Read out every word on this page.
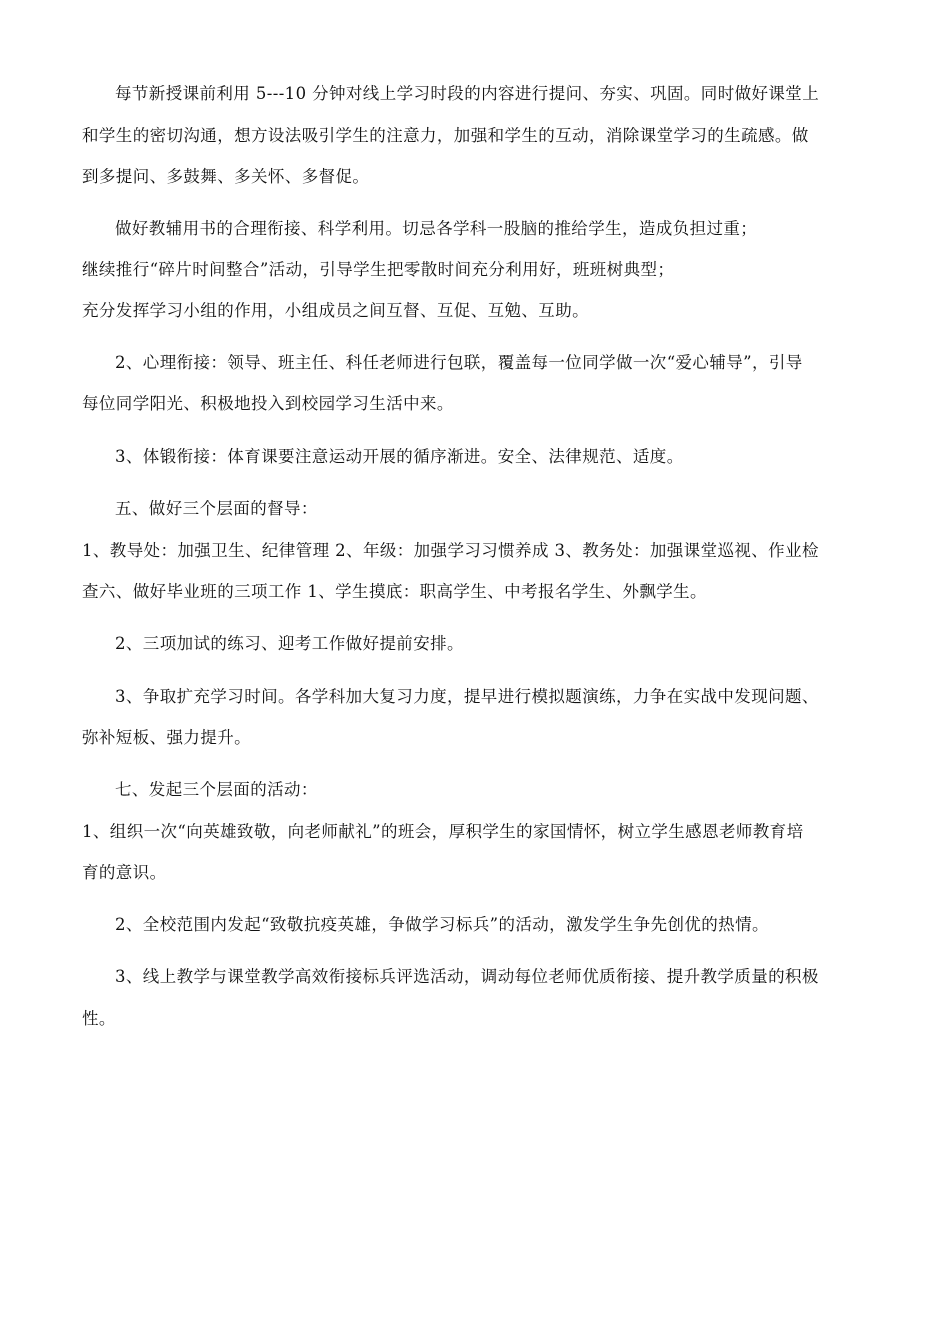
每节新授课前利用 5---10 分钟对线上学习时段的内容进行提问、夯实、巩固。同时做好课堂上
和学生的密切沟通，想方设法吸引学生的注意力，加强和学生的互动，消除课堂学习的生疏感。做
到多提问、多鼓舞、多关怀、多督促。
做好教辅用书的合理衔接、科学利用。切忌各学科一股脑的推给学生，造成负担过重；
继续推行“碎片时间整合”活动，引导学生把零散时间充分利用好，班班树典型；
充分发挥学习小组的作用，小组成员之间互督、互促、互勉、互助。
2、心理衔接：领导、班主任、科任老师进行包联，覆盖每一位同学做一次“爱心辅导”，引导
每位同学阳光、积极地投入到校园学习生活中来。
3、体锻衔接：体育课要注意运动开展的循序渐进。安全、法律规范、适度。
五、做好三个层面的督导：
1、教导处：加强卫生、纪律管理 2、年级：加强学习习惯养成 3、教务处：加强课堂巡视、作业检
查六、做好毕业班的三项工作 1、学生摸底：职高学生、中考报名学生、外飘学生。
2、三项加试的练习、迎考工作做好提前安排。
3、争取扩充学习时间。各学科加大复习力度，提早进行模拟题演练，力争在实战中发现问题、
弥补短板、强力提升。
七、发起三个层面的活动：
1、组织一次“向英雄致敬，向老师献礼”的班会，厚积学生的家国情怀，树立学生感恩老师教育培
育的意识。
2、全校范围内发起“致敬抗疫英雄，争做学习标兵”的活动，激发学生争先创优的热情。
3、线上教学与课堂教学高效衔接标兵评选活动，调动每位老师优质衔接、提升教学质量的积极
性。
